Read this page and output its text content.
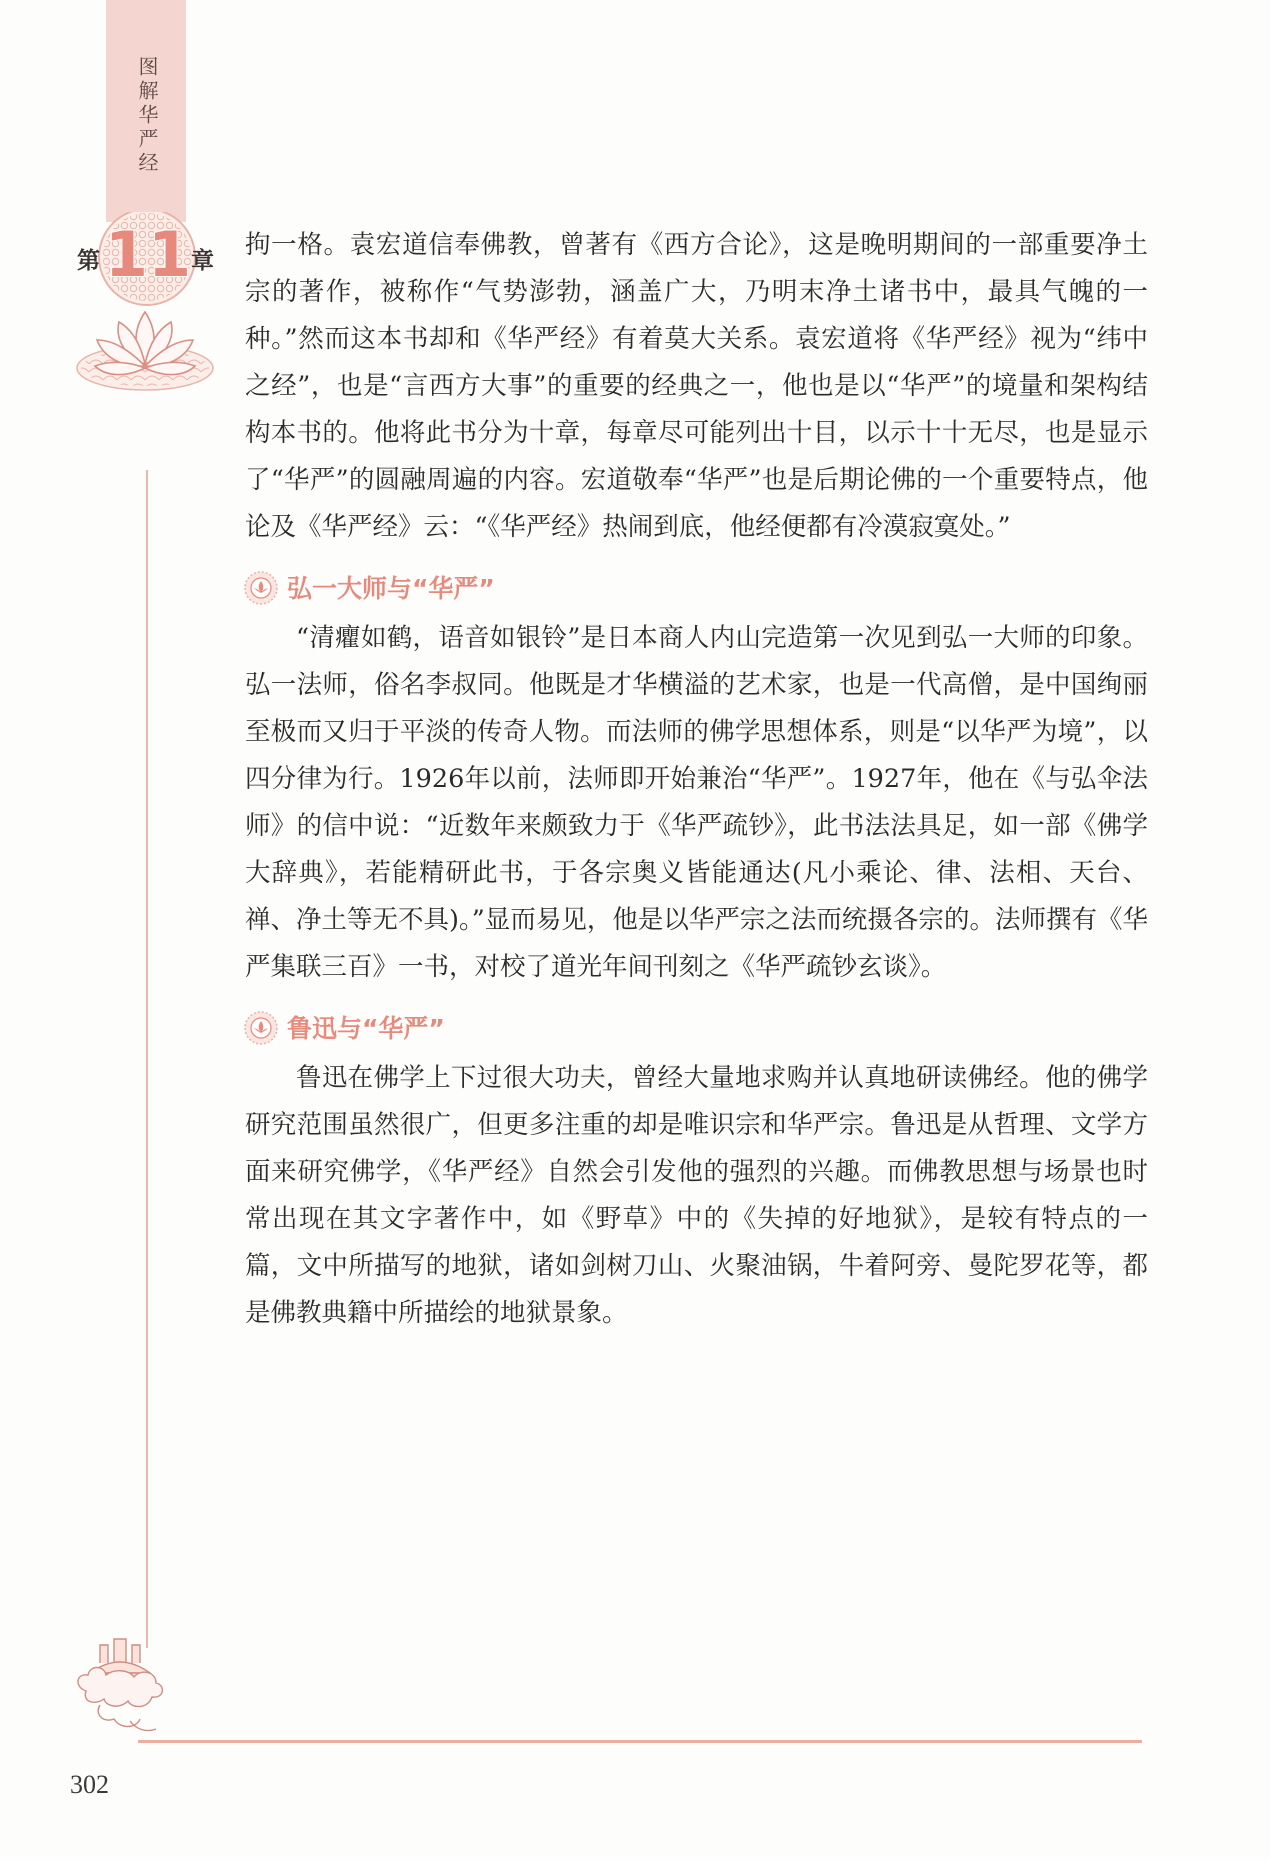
图解华严经
第 11 章

拘一格。袁宏道信奉佛教，曾著有《西方合论》，这是晚明期间的一部重要净土宗的著作，被称作“气势澎勃，涵盖广大，乃明末净土诸书中，最具气魄的一种。”然而这本书却和《华严经》有着莫大关系。袁宏道将《华严经》视为“纬中之经”，也是“言西方大事”的重要的经典之一，他也是以“华严”的境量和架构结构本书的。他将此书分为十章，每章尽可能列出十目，以示十十无尽，也是显示了“华严”的圆融周遍的内容。宏道敬奉“华严”也是后期论佛的一个重要特点，他论及《华严经》云：“《华严经》热闹到底，他经便都有冷漠寂寞处。”

弘一大师与“华严”

“清癯如鹤，语音如银铃”是日本商人内山完造第一次见到弘一大师的印象。弘一法师，俗名李叔同。他既是才华横溢的艺术家，也是一代高僧，是中国绚丽至极而又归于平淡的传奇人物。而法师的佛学思想体系，则是“以华严为境”，以四分律为行。1926年以前，法师即开始兼治“华严”。1927年，他在《与弘伞法师》的信中说：“近数年来颇致力于《华严疏钞》，此书法法具足，如一部《佛学大辞典》，若能精研此书，于各宗奥义皆能通达(凡小乘论、律、法相、天台、禅、净土等无不具)。”显而易见，他是以华严宗之法而统摄各宗的。法师撰有《华严集联三百》一书，对校了道光年间刊刻之《华严疏钞玄谈》。

鲁迅与“华严”

鲁迅在佛学上下过很大功夫，曾经大量地求购并认真地研读佛经。他的佛学研究范围虽然很广，但更多注重的却是唯识宗和华严宗。鲁迅是从哲理、文学方面来研究佛学，《华严经》自然会引发他的强烈的兴趣。而佛教思想与场景也时常出现在其文字著作中，如《野草》中的《失掉的好地狱》，是较有特点的一篇，文中所描写的地狱，诸如剑树刀山、火聚油锅，牛着阿旁、曼陀罗花等，都是佛教典籍中所描绘的地狱景象。

302
